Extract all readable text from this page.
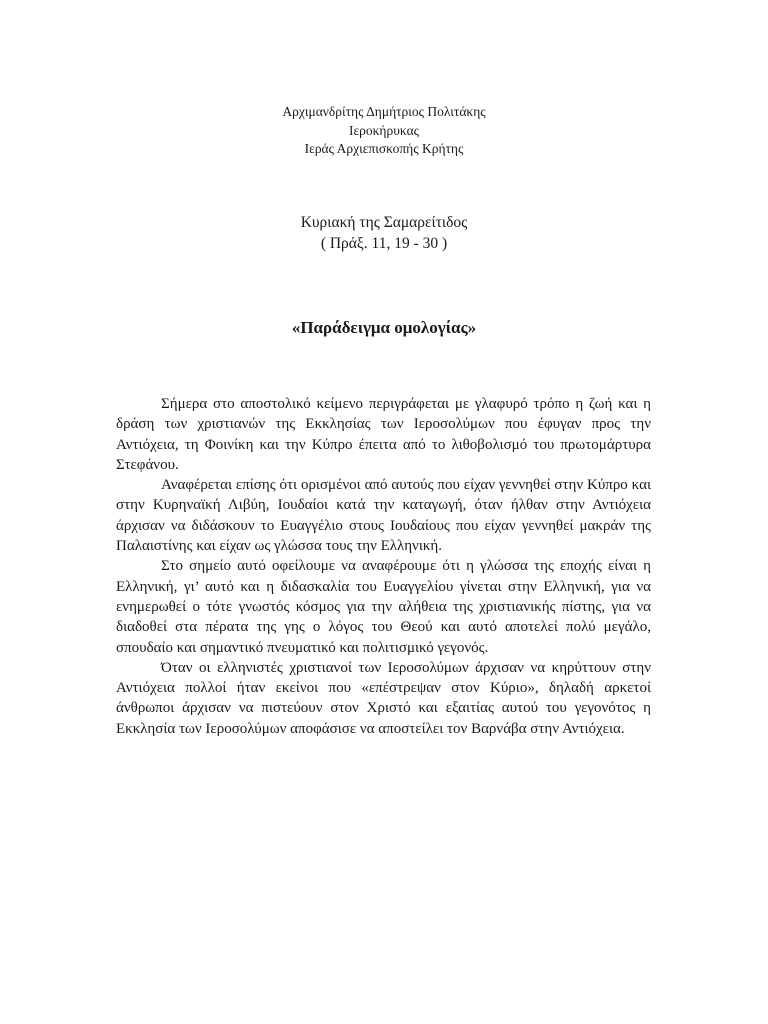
Αρχιμανδρίτης Δημήτριος Πολιτάκης
Ιεροκήρυκας
Ιεράς Αρχιεπισκοπής Κρήτης
Κυριακή της Σαμαρείτιδος
( Πράξ. 11, 19 - 30 )
«Παράδειγμα ομολογίας»

Σήμερα στο αποστολικό κείμενο περιγράφεται με γλαφυρό τρόπο η ζωή και η δράση των χριστιανών της Εκκλησίας των Ιεροσολύμων που έφυγαν προς την Αντιόχεια, τη Φοινίκη και την Κύπρο έπειτα από το λιθοβολισμό του πρωτομάρτυρα Στεφάνου.

Αναφέρεται επίσης ότι ορισμένοι από αυτούς που είχαν γεννηθεί στην Κύπρο και στην Κυρηναϊκή Λιβύη, Ιουδαίοι κατά την καταγωγή, όταν ήλθαν στην Αντιόχεια άρχισαν να διδάσκουν το Ευαγγέλιο στους Ιουδαίους που είχαν γεννηθεί μακράν της Παλαιστίνης και είχαν ως γλώσσα τους την Ελληνική.

Στο σημείο αυτό οφείλουμε να αναφέρουμε ότι η γλώσσα της εποχής είναι η Ελληνική, γι’ αυτό και η διδασκαλία του Ευαγγελίου γίνεται στην Ελληνική, για να ενημερωθεί ο τότε γνωστός κόσμος για την αλήθεια της χριστιανικής πίστης, για να διαδοθεί στα πέρατα της γης ο λόγος του Θεού και αυτό αποτελεί πολύ μεγάλο, σπουδαίο και σημαντικό πνευματικό και πολιτισμικό γεγονός.

Όταν οι ελληνιστές χριστιανοί των Ιεροσολύμων άρχισαν να κηρύττουν στην Αντιόχεια πολλοί ήταν εκείνοι που «επέστρεψαν στον Κύριο», δηλαδή αρκετοί άνθρωποι άρχισαν να πιστεύουν στον Χριστό και εξαιτίας αυτού του γεγονότος η Εκκλησία των Ιεροσολύμων αποφάσισε να αποστείλει τον Βαρνάβα στην Αντιόχεια.
